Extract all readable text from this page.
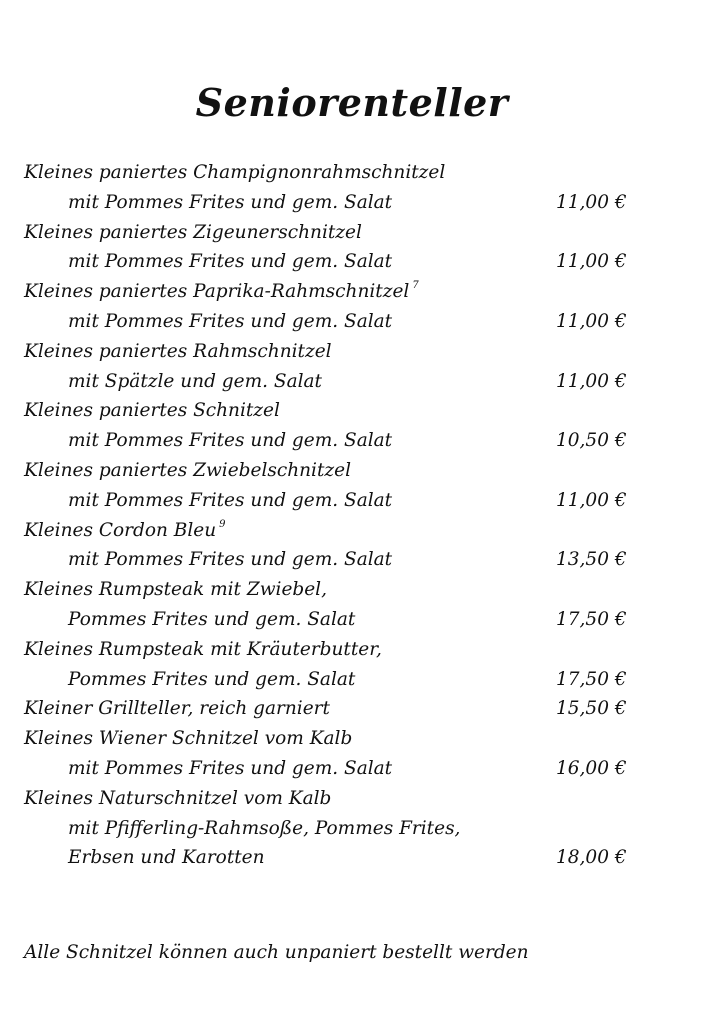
Seniorenteller
Kleines paniertes Champignonrahmschnitzel
mit Pommes Frites und gem. Salat	11,00 €
Kleines paniertes Zigeunerschnitzel
mit Pommes Frites und gem. Salat	11,00 €
Kleines paniertes Paprika-Rahmschnitzel $^7$
mit Pommes Frites und gem. Salat	11,00 €
Kleines paniertes Rahmschnitzel
mit Spätzle und gem. Salat	11,00 €
Kleines paniertes Schnitzel
mit Pommes Frites und gem. Salat	10,50 €
Kleines paniertes Zwiebelschnitzel
mit Pommes Frites und gem. Salat	11,00 €
Kleines Cordon Bleu $^9$
mit Pommes Frites und gem. Salat	13,50 €
Kleines Rumpsteak mit Zwiebel,
Pommes Frites und gem. Salat	17,50 €
Kleines Rumpsteak mit Kräuterbutter,
Pommes Frites und gem. Salat	17,50 €
Kleiner Grillteller, reich garniert	15,50 €
Kleines Wiener Schnitzel vom Kalb
mit Pommes Frites und gem. Salat	16,00 €
Kleines Naturschnitzel vom Kalb
mit Pfifferling-Rahmsoße, Pommes Frites,
Erbsen und Karotten	18,00 €
Alle Schnitzel können auch unpaniert bestellt werden
